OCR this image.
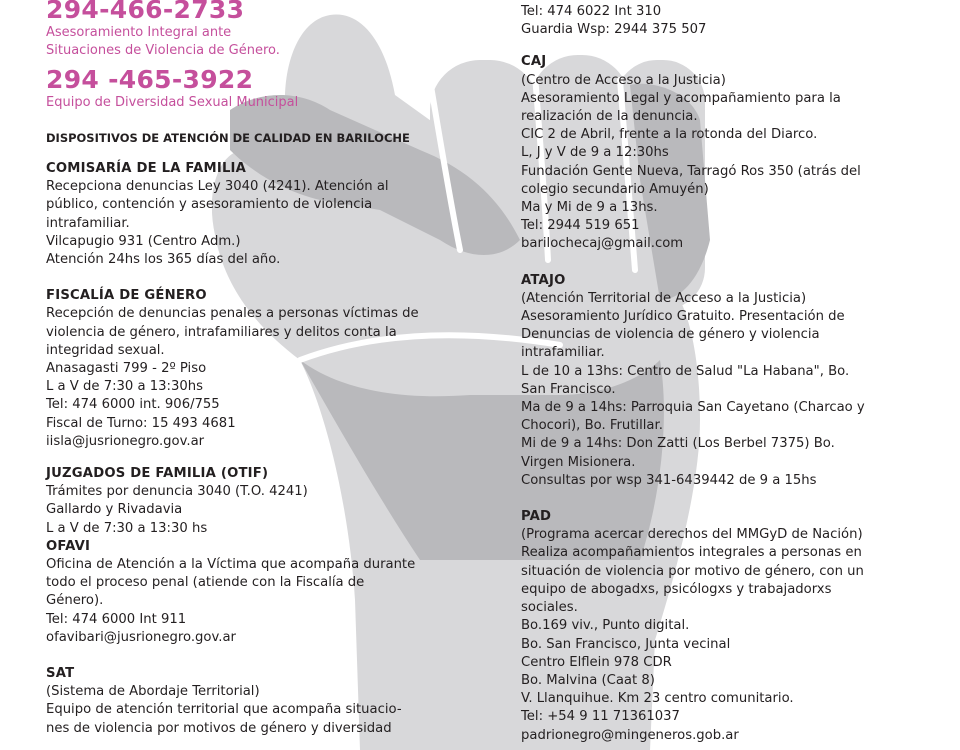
294-466-2733
Asesoramiento Integral ante
Situaciones de Violencia de Género.
294 -465-3922
Equipo de Diversidad Sexual Municipal
DISPOSITIVOS DE ATENCIÓN DE CALIDAD EN BARILOCHE
COMISARÍA DE LA FAMILIA
Recepciona denuncias Ley 3040 (4241). Atención al
público, contención y asesoramiento de violencia
intrafamiliar.
Vilcapugio 931 (Centro Adm.)
Atención 24hs los 365 días del año.
FISCALÍA DE GÉNERO
Recepción de denuncias penales a personas víctimas de
violencia de género, intrafamiliares y delitos conta la
integridad sexual.
Anasagasti 799 - 2º Piso
L a V de 7:30 a 13:30hs
Tel: 474 6000 int. 906/755
Fiscal de Turno: 15 493 4681
iisla@jusrionegro.gov.ar
JUZGADOS DE FAMILIA (OTIF)
Trámites por denuncia 3040 (T.O. 4241)
Gallardo y Rivadavia
L a V de 7:30 a 13:30 hs
OFAVI
Oficina de Atención a la Víctima que acompaña durante
todo el proceso penal (atiende con la Fiscalía de
Género).
Tel: 474 6000 Int 911
ofavibari@jusrionegro.gov.ar
SAT
(Sistema de Abordaje Territorial)
Equipo de atención territorial que acompaña situacio-
nes de violencia por motivos de género y diversidad
Tel: 474 6022 Int 310
Guardia Wsp: 2944 375 507
CAJ
(Centro de Acceso a la Justicia)
Asesoramiento Legal y acompañamiento para la
realización de la denuncia.
CIC 2 de Abril, frente a la rotonda del Diarco.
L, J y V de 9 a 12:30hs
Fundación Gente Nueva, Tarragó Ros 350 (atrás del
colegio secundario Amuyén)
Ma y Mi de 9 a 13hs.
Tel: 2944 519 651
barilochecaj@gmail.com
ATAJO
(Atención Territorial de Acceso a la Justicia)
Asesoramiento Jurídico Gratuito. Presentación de
Denuncias de violencia de género y violencia
intrafamiliar.
L de 10 a 13hs: Centro de Salud "La Habana", Bo.
San Francisco.
Ma de 9 a 14hs: Parroquia San Cayetano (Charcao y
Chocori), Bo. Frutillar.
Mi de 9 a 14hs: Don Zatti (Los Berbel 7375) Bo.
Virgen Misionera.
Consultas por wsp 341-6439442 de 9 a 15hs
PAD
(Programa acercar derechos del MMGyD de Nación)
Realiza acompañamientos integrales a personas en
situación de violencia por motivo de género, con un
equipo de abogadxs, psicólogxs y trabajadorxs
sociales.
Bo.169 viv., Punto digital.
Bo. San Francisco, Junta vecinal
Centro Elflein 978 CDR
Bo. Malvina (Caat 8)
V. Llanquihue. Km 23 centro comunitario.
Tel: +54 9 11 71361037
padrionegro@mingeneros.gob.ar
